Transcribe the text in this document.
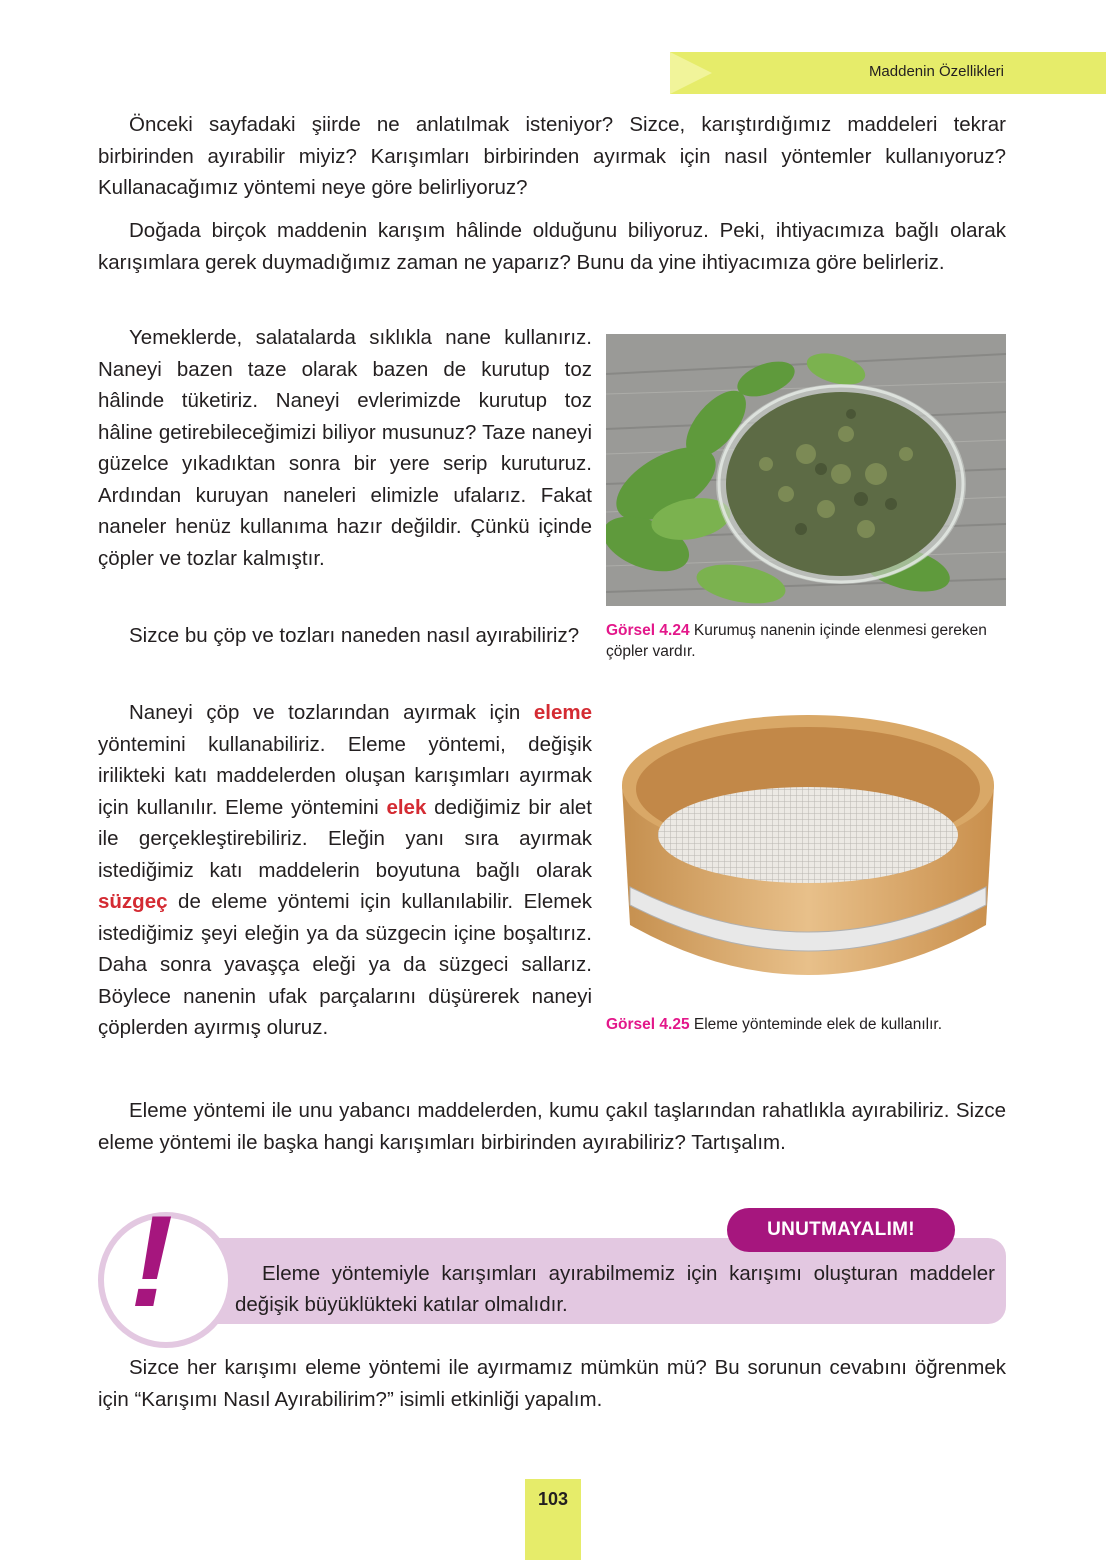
Maddenin Özellikleri

Önceki sayfadaki şiirde ne anlatılmak isteniyor? Sizce, karıştırdığımız maddeleri tekrar birbirinden ayırabilir miyiz? Karışımları birbirinden ayırmak için nasıl yöntemler kullanıyoruz? Kullanacağımız yöntemi neye göre belirliyoruz?

Doğada birçok maddenin karışım hâlinde olduğunu biliyoruz. Peki, ihtiyacımıza bağlı olarak karışımlara gerek duymadığımız zaman ne yaparız? Bunu da yine ihtiyacımıza göre belirleriz.

Yemeklerde, salatalarda sıklıkla nane kullanırız. Naneyi bazen taze olarak bazen de kurutup toz hâlinde tüketiriz. Naneyi evlerimizde kurutup toz hâline getirebileceğimizi biliyor musunuz? Taze naneyi güzelce yıkadıktan sonra bir yere serip kuruturuz. Ardından kuruyan naneleri elimizle ufalarız. Fakat naneler henüz kullanıma hazır değildir. Çünkü içinde çöpler ve tozlar kalmıştır.

Sizce bu çöp ve tozları naneden nasıl ayırabiliriz?

Naneyi çöp ve tozlarından ayırmak için eleme yöntemini kullanabiliriz. Eleme yöntemi, değişik irilikteki katı maddelerden oluşan karışımları ayırmak için kullanılır. Eleme yöntemini elek dediğimiz bir alet ile gerçekleştirebiliriz. Eleğin yanı sıra ayırmak istediğimiz katı maddelerin boyutuna bağlı olarak süzgeç de eleme yöntemi için kullanılabilir. Elemek istediğimiz şeyi eleğin ya da süzgecin içine boşaltırız. Daha sonra yavaşça eleği ya da süzgeci sallarız. Böylece nanenin ufak parçalarını düşürerek naneyi çöplerden ayırmış oluruz.

Görsel 4.24 Kurumuş nanenin içinde elenmesi gereken çöpler vardır.
Görsel 4.25 Eleme yönteminde elek de kullanılır.

Eleme yöntemi ile unu yabancı maddelerden, kumu çakıl taşlarından rahatlıkla ayırabiliriz. Sizce eleme yöntemi ile başka hangi karışımları birbirinden ayırabiliriz? Tartışalım.

!	UNUTMAYALIM!

Eleme yöntemiyle karışımları ayırabilmemiz için karışımı oluşturan maddeler değişik büyüklükteki katılar olmalıdır.

Sizce her karışımı eleme yöntemi ile ayırmamız mümkün mü? Bu sorunun cevabını öğrenmek için “Karışımı Nasıl Ayırabilirim?” isimli etkinliği yapalım.

103
